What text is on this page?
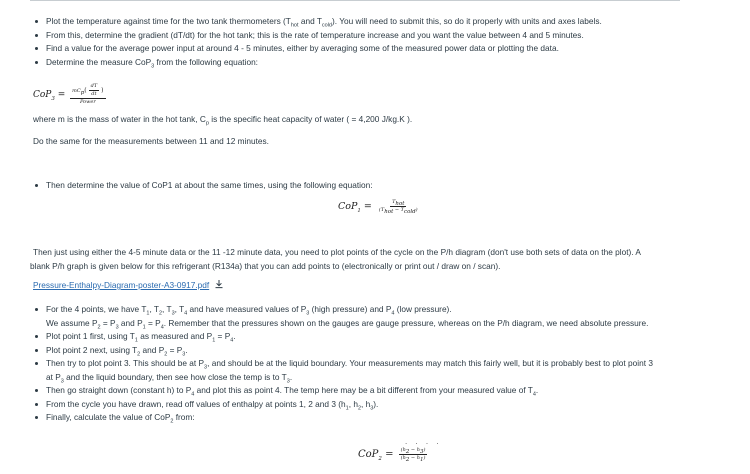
Plot the temperature against time for the two tank thermometers ($T_{hot}$ and $T_{cold}$). You will need to submit this, so do it properly with units and axes labels.
From this, determine the gradient (dT/dt) for the hot tank; this is the rate of temperature increase and you want the value between 4 and 5 minutes.
Find a value for the average power input at around 4 - 5 minutes, either by averaging some of the measured power data or plotting the data.
Determine the measure CoP$_3$ from the following equation:
$CoP_3 = \frac{mC_p( \frac{dT}{dt} )}{\text{Power}}$
where m is the mass of water in the hot tank, $C_p$ is the specific heat capacity of water ( = 4,200 J/kg.K ).
Do the same for the measurements between 11 and 12 minutes.
Then determine the value of CoP1 at about the same times, using the following equation:
$CoP_1 = \frac{T_{hot}}{(T_{hot} - T_{cold})}$
Then just using either the 4-5 minute data or the 11 -12 minute data, you need to plot points of the cycle on the P/h diagram (don't use both sets of data on the plot). A
blank P/h graph is given below for this refrigerant (R134a) that you can add points to (electronically or print out / draw on / scan).
Pressure-Enthalpy-Diagram-poster-A3-0917.pdf
For the 4 points, we have $T_1$, $T_2$, $T_3$, $T_4$ and have measured values of $P_3$ (high pressure) and $P_4$ (low pressure).
We assume $P_2 = P_3$ and $P_1 = P_4$. Remember that the pressures shown on the gauges are gauge pressure, whereas on the P/h diagram, we need absolute pressure.
Plot point 1 first, using $T_1$ as measured and $P_1 = P_4$.
Plot point 2 next, using $T_2$ and $P_2 = P_3$.
Then try to plot point 3. This should be at $P_3$, and should be at the liquid boundary. Your measurements may match this fairly well, but it is probably best to plot point 3
at $P_3$ and the liquid boundary, then see how close the temp is to $T_3$.
Then go straight down (constant h) to $P_4$ and plot this as point 4. The temp here may be a bit different from your measured value of $T_4$.
From the cycle you have drawn, read off values of enthalpy at points 1, 2 and 3 ($h_1$, $h_2$, $h_3$).
Finally, calculate the value of CoP$_2$ from:
. . . .
$CoP_2 = \frac{(h_2 - h_3)}{(h_2 - h_1)}$
